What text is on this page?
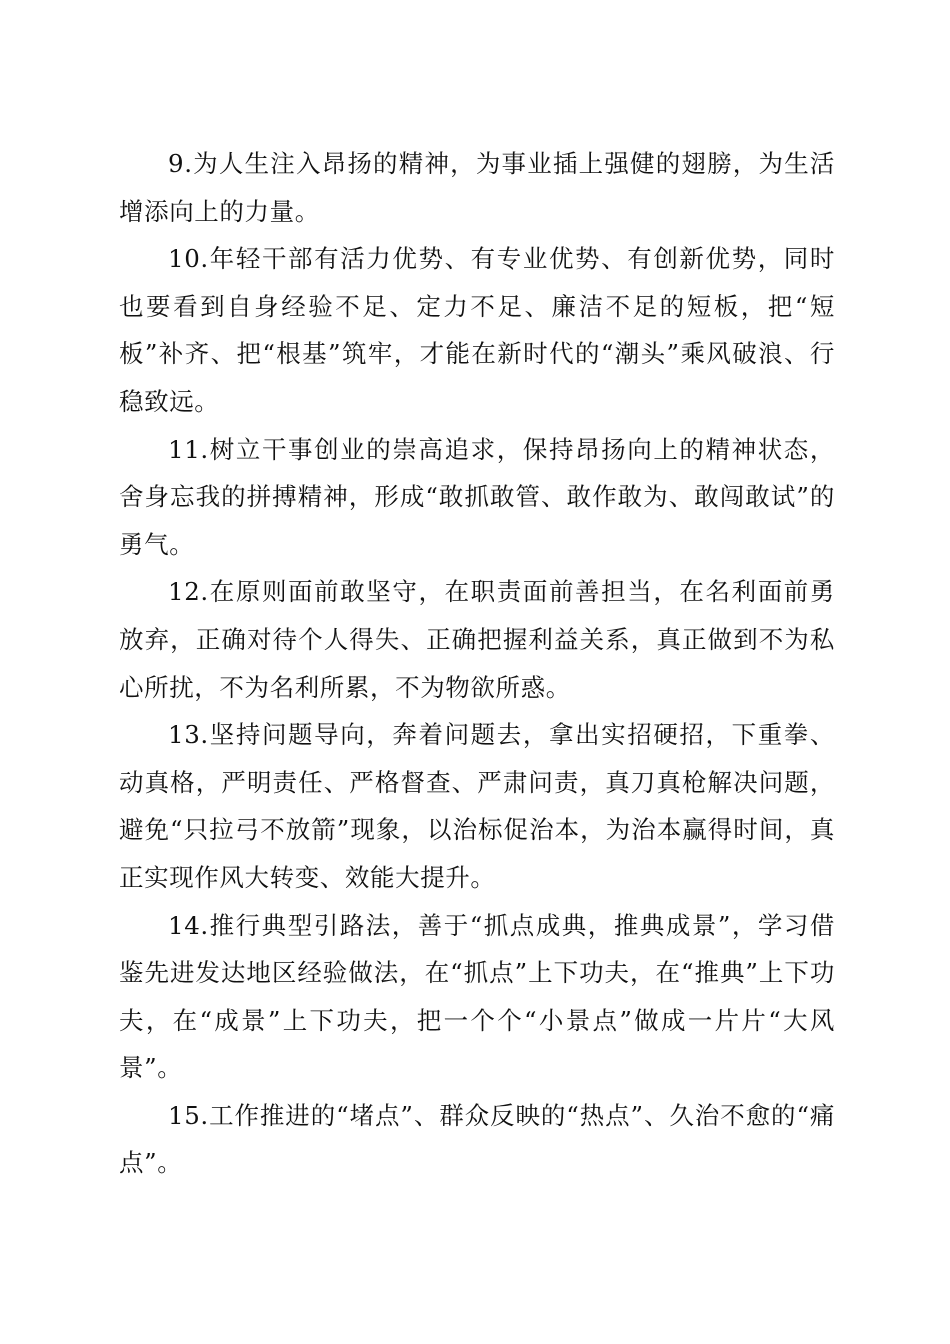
9.为人生注入昂扬的精神，为事业插上强健的翅膀，为生活增添向上的力量。

10.年轻干部有活力优势、有专业优势、有创新优势，同时也要看到自身经验不足、定力不足、廉洁不足的短板，把“短板”补齐、把“根基”筑牢，才能在新时代的“潮头”乘风破浪、行稳致远。

11.树立干事创业的崇高追求，保持昂扬向上的精神状态，舍身忘我的拼搏精神，形成“敢抓敢管、敢作敢为、敢闯敢试”的勇气。

12.在原则面前敢坚守，在职责面前善担当，在名利面前勇放弃，正确对待个人得失、正确把握利益关系，真正做到不为私心所扰，不为名利所累，不为物欲所惑。

13.坚持问题导向，奔着问题去，拿出实招硬招，下重拳、动真格，严明责任、严格督查、严肃问责，真刀真枪解决问题，避免“只拉弓不放箭”现象，以治标促治本，为治本赢得时间，真正实现作风大转变、效能大提升。

14.推行典型引路法，善于“抓点成典，推典成景”，学习借鉴先进发达地区经验做法，在“抓点”上下功夫，在“推典”上下功夫，在“成景”上下功夫，把一个个“小景点”做成一片片“大风景”。

15.工作推进的“堵点”、群众反映的“热点”、久治不愈的“痛点”。
